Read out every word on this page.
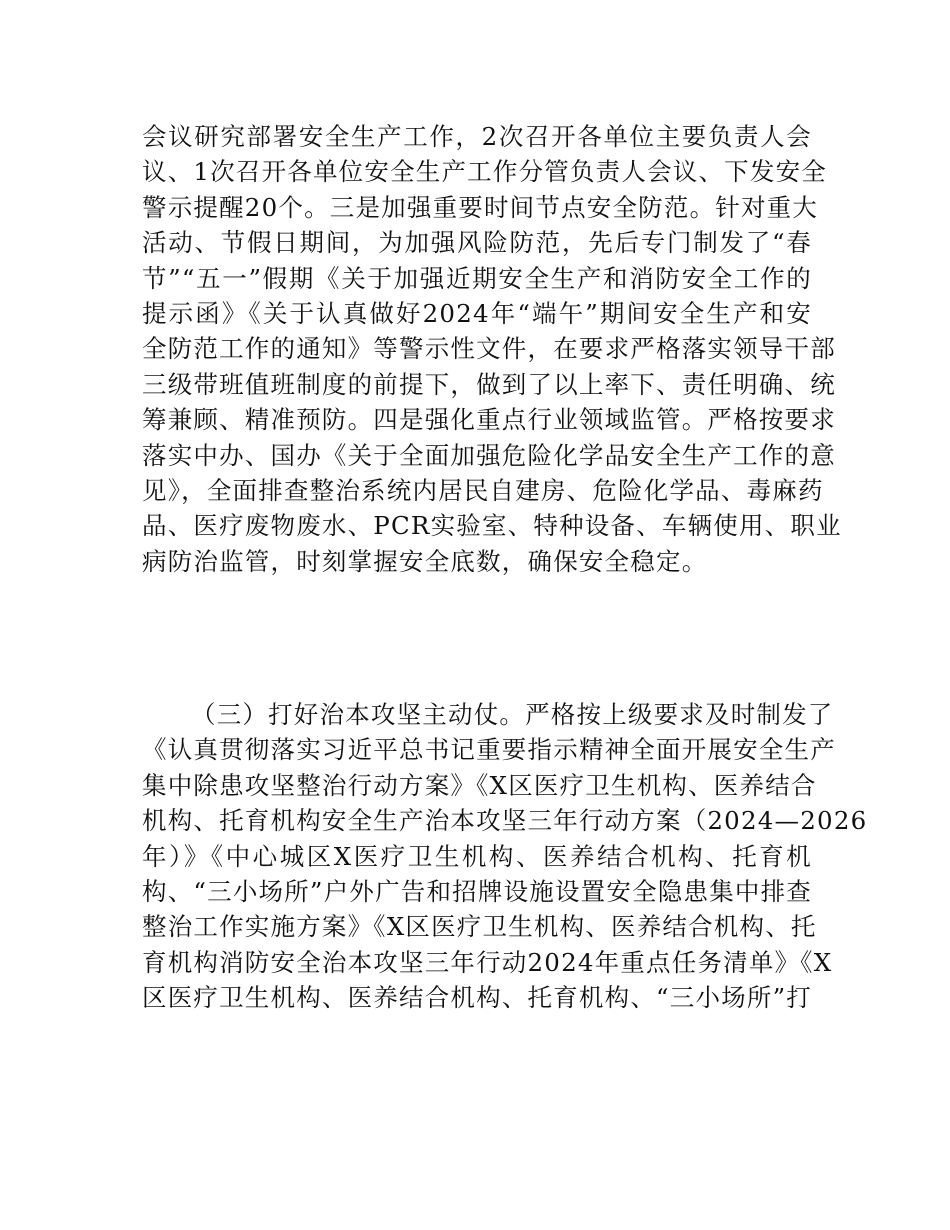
会议研究部署安全生产工作，2次召开各单位主要负责人会
议、1次召开各单位安全生产工作分管负责人会议、下发安全
警示提醒20个。三是加强重要时间节点安全防范。针对重大
活动、节假日期间，为加强风险防范，先后专门制发了“春
节”“五一”假期《关于加强近期安全生产和消防安全工作的
提示函》《关于认真做好2024年“端午”期间安全生产和安
全防范工作的通知》等警示性文件，在要求严格落实领导干部
三级带班值班制度的前提下，做到了以上率下、责任明确、统
筹兼顾、精准预防。四是强化重点行业领域监管。严格按要求
落实中办、国办《关于全面加强危险化学品安全生产工作的意
见》，全面排查整治系统内居民自建房、危险化学品、毒麻药
品、医疗废物废水、PCR实验室、特种设备、车辆使用、职业
病防治监管，时刻掌握安全底数，确保安全稳定。
（三）打好治本攻坚主动仗。严格按上级要求及时制发了
《认真贯彻落实习近平总书记重要指示精神全面开展安全生产
集中除患攻坚整治行动方案》《X区医疗卫生机构、医养结合
机构、托育机构安全生产治本攻坚三年行动方案（2024—2026
年）》《中心城区X医疗卫生机构、医养结合机构、托育机
构、“三小场所”户外广告和招牌设施设置安全隐患集中排查
整治工作实施方案》《X区医疗卫生机构、医养结合机构、托
育机构消防安全治本攻坚三年行动2024年重点任务清单》《X
区医疗卫生机构、医养结合机构、托育机构、“三小场所”打
